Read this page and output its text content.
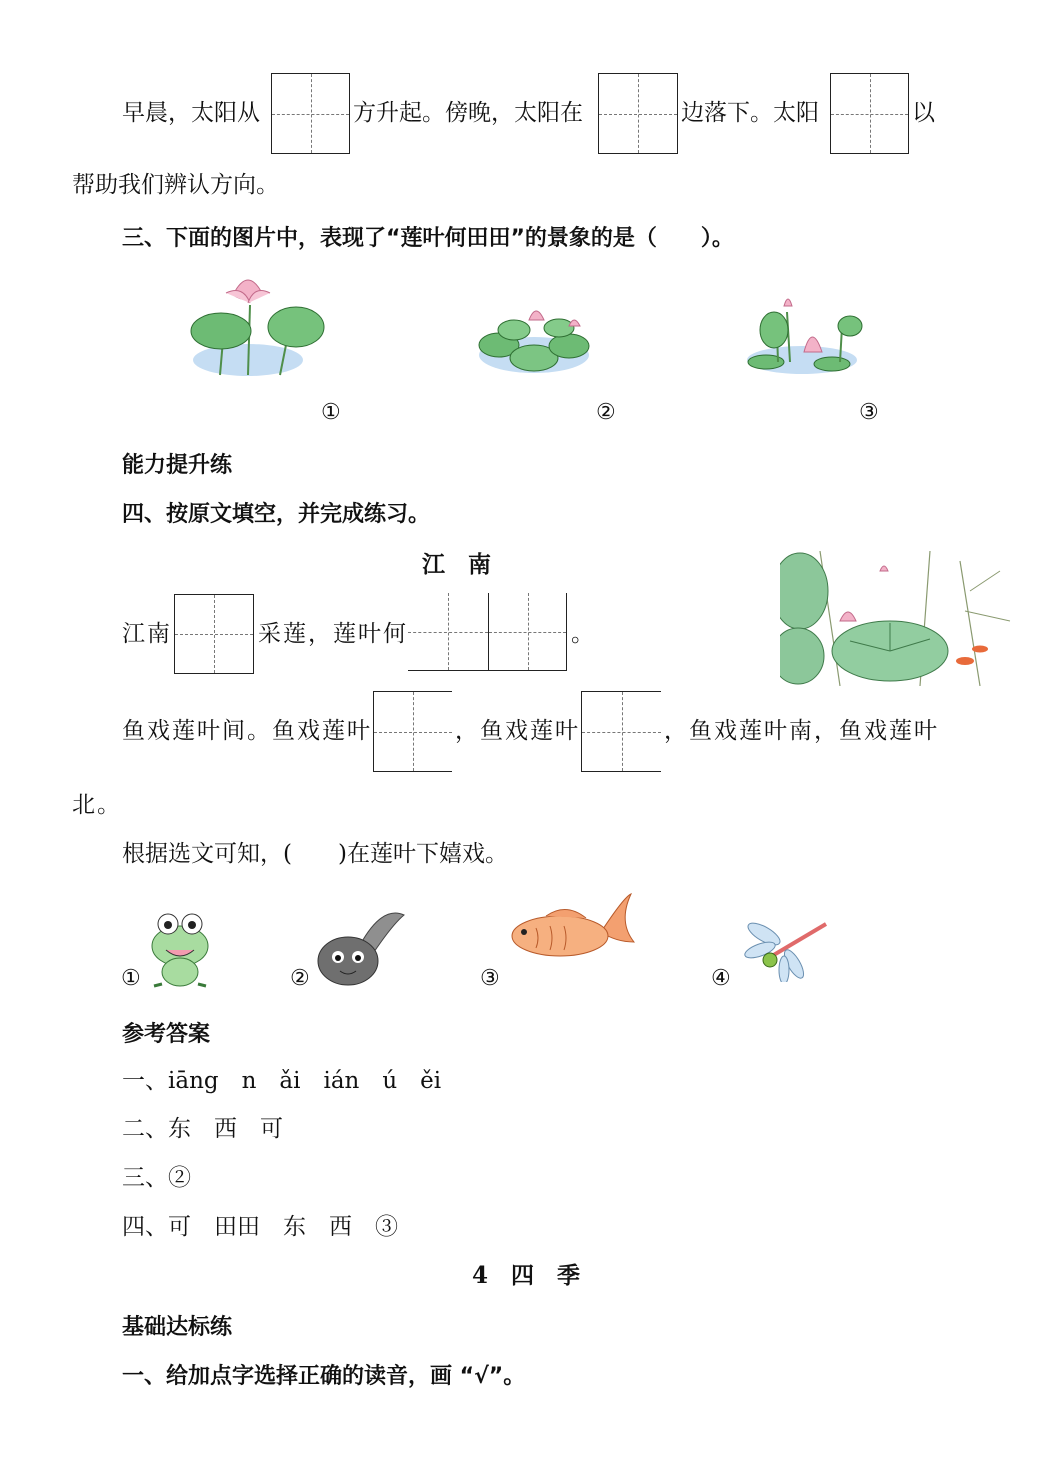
早晨，太阳从	方升起。傍晚，太阳在	边落下。太阳	以
帮助我们辨认方向。
三、下面的图片中，表现了“莲叶何田田”的景象的是（　　）。
①	②	③
能力提升练
四、按原文填空，并完成练习。
江　南
江南	采莲，莲叶何	。
鱼戏莲叶间。鱼戏莲叶	，鱼戏莲叶	，鱼戏莲叶南，鱼戏莲叶
北。
根据选文可知，(　　)在莲叶下嬉戏。
①	②	③	④
参考答案
一、iāng　n　ǎi　ián　ú　ěi
二、东　西　可
三、②
四、可　田田　东　西　③
4　四　季
基础达标练
一、给加点字选择正确的读音，画 “√”。
